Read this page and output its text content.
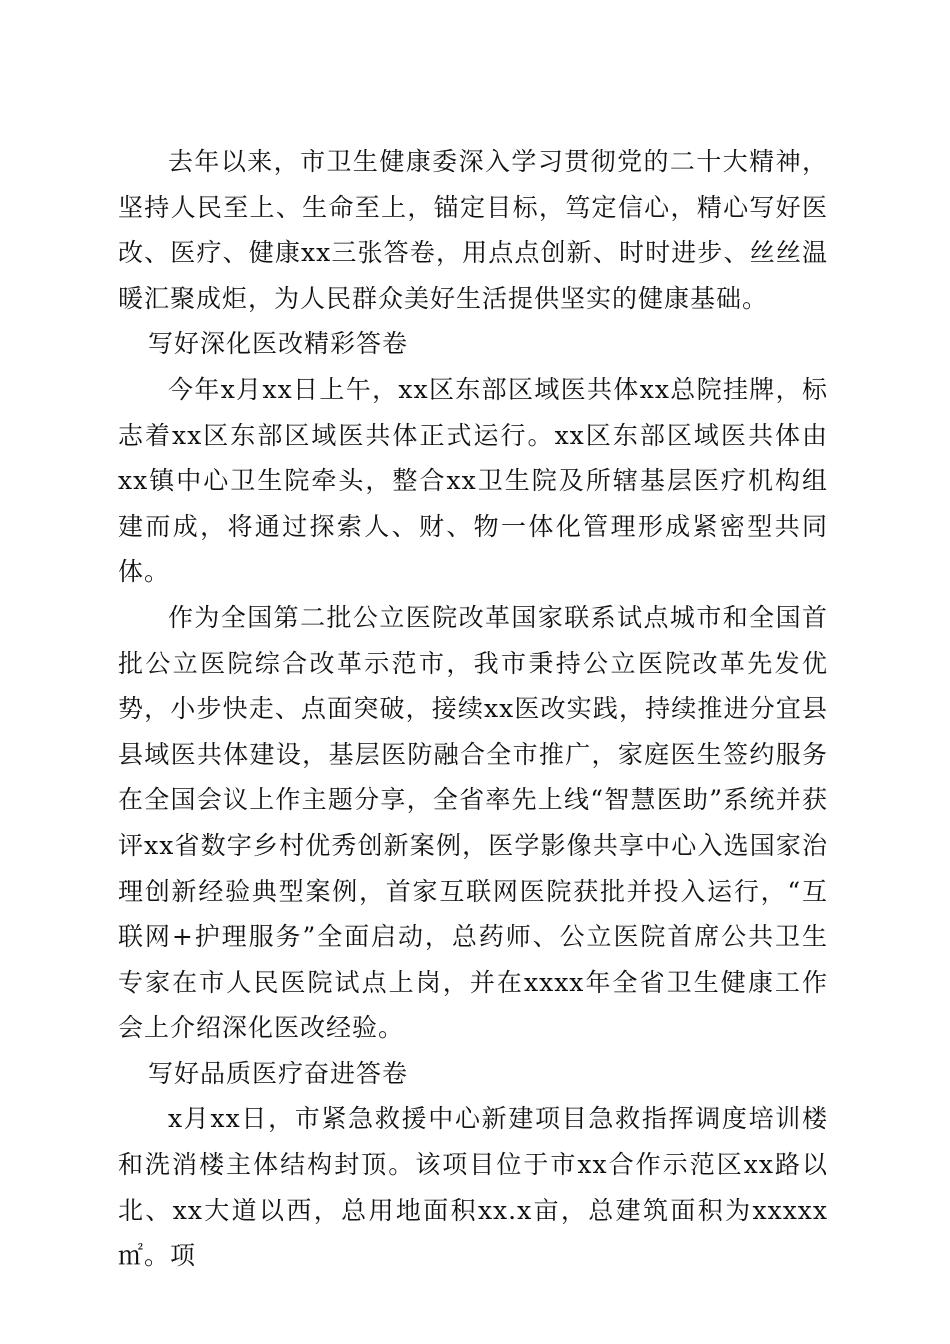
去年以来，市卫生健康委深入学习贯彻党的二十大精神，坚持人民至上、生命至上，锚定目标，笃定信心，精心写好医改、医疗、健康xx三张答卷，用点点创新、时时进步、丝丝温暖汇聚成炬，为人民群众美好生活提供坚实的健康基础。

写好深化医改精彩答卷

今年x月xx日上午，xx区东部区域医共体xx总院挂牌，标志着xx区东部区域医共体正式运行。xx区东部区域医共体由xx镇中心卫生院牵头，整合xx卫生院及所辖基层医疗机构组建而成，将通过探索人、财、物一体化管理形成紧密型共同体。

作为全国第二批公立医院改革国家联系试点城市和全国首批公立医院综合改革示范市，我市秉持公立医院改革先发优势，小步快走、点面突破，接续xx医改实践，持续推进分宜县县域医共体建设，基层医防融合全市推广，家庭医生签约服务在全国会议上作主题分享，全省率先上线“智慧医助”系统并获评xx省数字乡村优秀创新案例，医学影像共享中心入选国家治理创新经验典型案例，首家互联网医院获批并投入运行，“互联网+护理服务”全面启动，总药师、公立医院首席公共卫生专家在市人民医院试点上岗，并在xxxx年全省卫生健康工作会上介绍深化医改经验。

写好品质医疗奋进答卷

x月xx日，市紧急救援中心新建项目急救指挥调度培训楼和洗消楼主体结构封顶。该项目位于市xx合作示范区xx路以北、xx大道以西，总用地面积xx.x亩，总建筑面积为xxxxx㎡。项
